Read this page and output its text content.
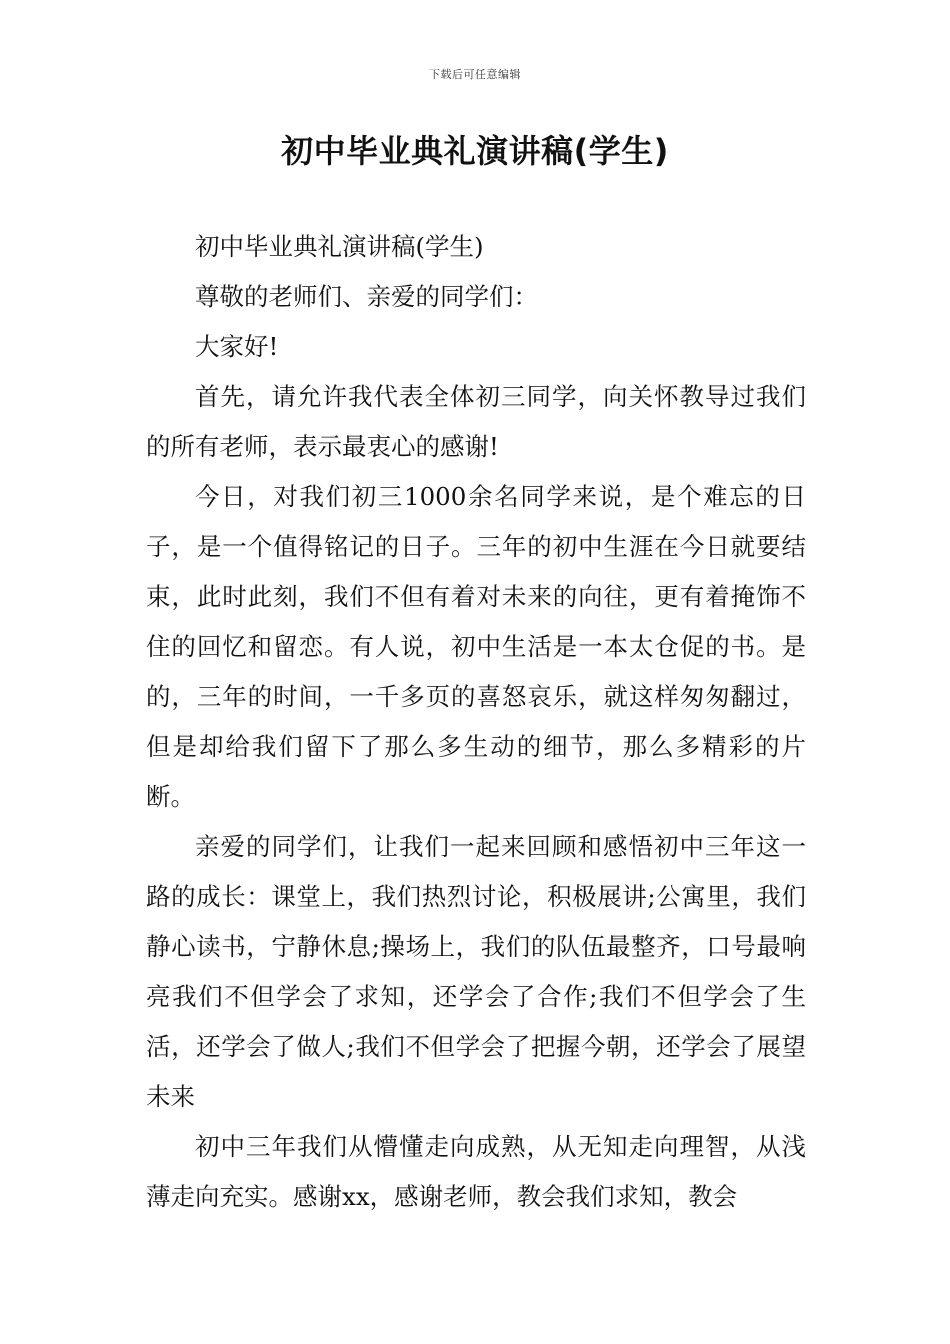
下载后可任意编辑
初中毕业典礼演讲稿(学生)

初中毕业典礼演讲稿(学生)

尊敬的老师们、亲爱的同学们：

大家好!

首先，请允许我代表全体初三同学，向关怀教导过我们的所有老师，表示最衷心的感谢!

今日，对我们初三1000余名同学来说，是个难忘的日子，是一个值得铭记的日子。三年的初中生涯在今日就要结束，此时此刻，我们不但有着对未来的向往，更有着掩饰不住的回忆和留恋。有人说，初中生活是一本太仓促的书。是的，三年的时间，一千多页的喜怒哀乐，就这样匆匆翻过，但是却给我们留下了那么多生动的细节，那么多精彩的片断。

亲爱的同学们，让我们一起来回顾和感悟初中三年这一路的成长：课堂上，我们热烈讨论，积极展讲;公寓里，我们静心读书，宁静休息;操场上，我们的队伍最整齐，口号最响亮我们不但学会了求知，还学会了合作;我们不但学会了生活，还学会了做人;我们不但学会了把握今朝，还学会了展望未来

初中三年我们从懵懂走向成熟，从无知走向理智，从浅薄走向充实。感谢xx，感谢老师，教会我们求知，教会
